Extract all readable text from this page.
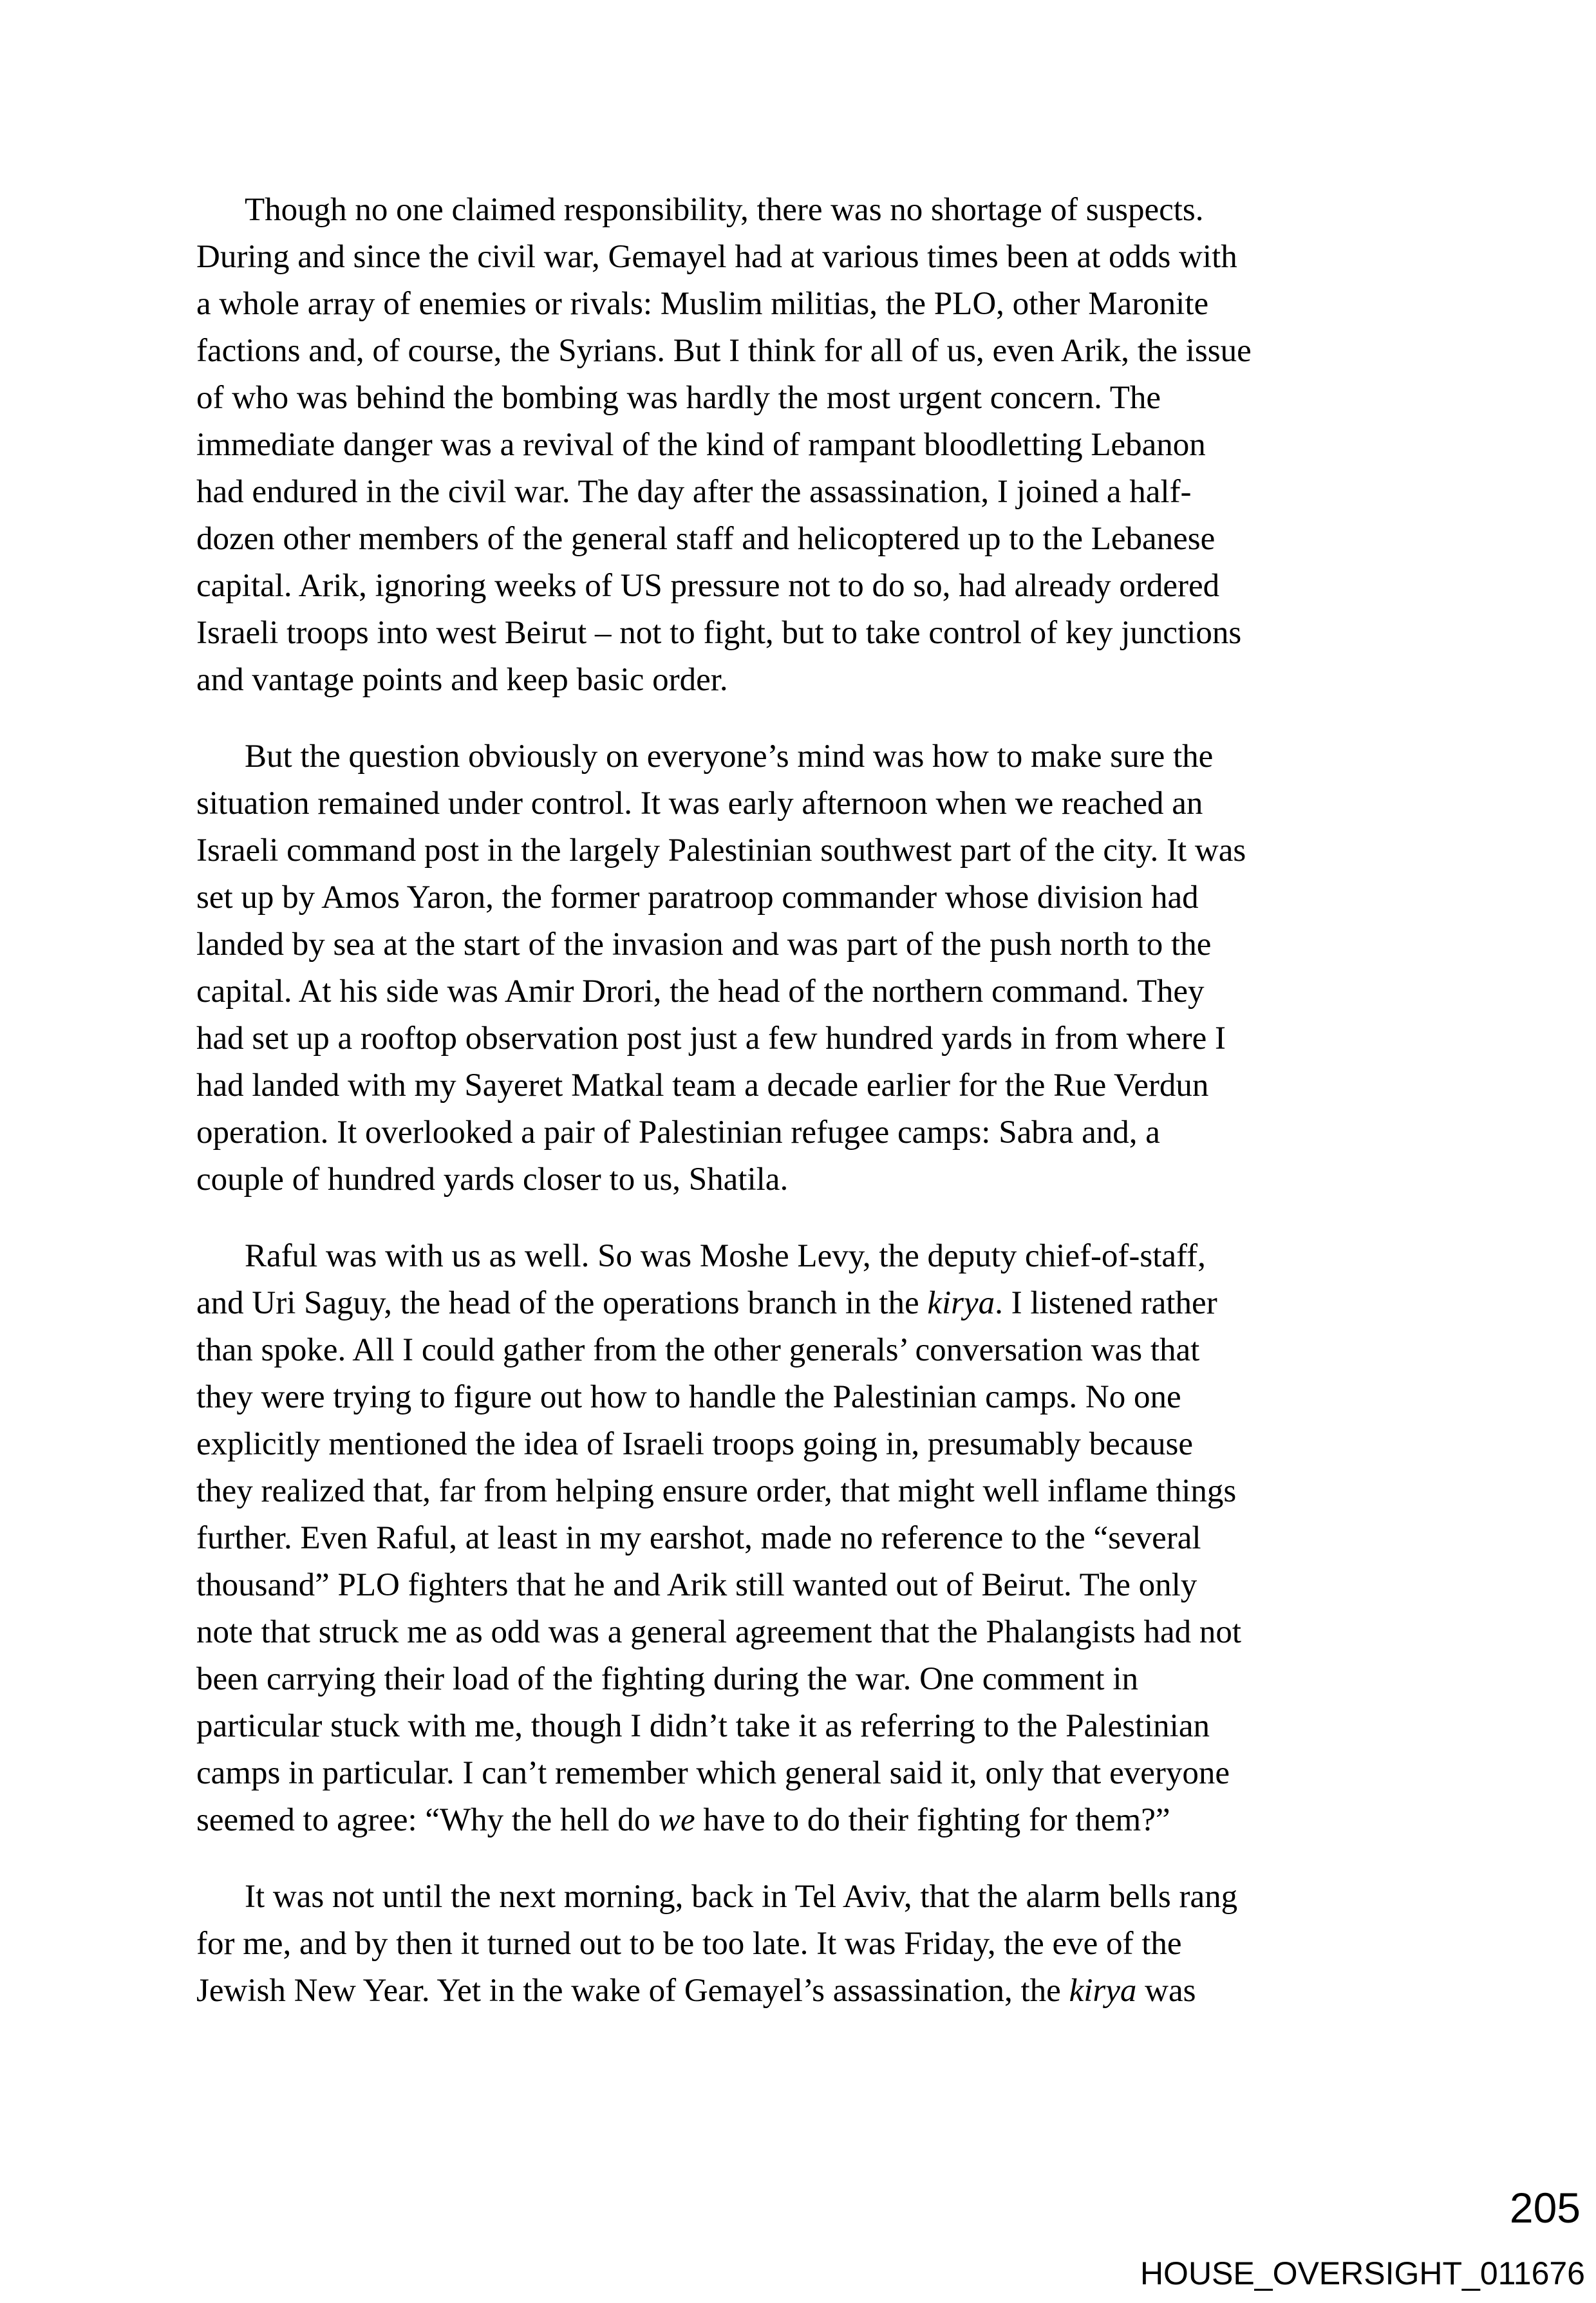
Though no one claimed responsibility, there was no shortage of suspects.
During and since the civil war, Gemayel had at various times been at odds with
a whole array of enemies or rivals: Muslim militias, the PLO, other Maronite
factions and, of course, the Syrians. But I think for all of us, even Arik, the issue
of who was behind the bombing was hardly the most urgent concern. The
immediate danger was a revival of the kind of rampant bloodletting Lebanon
had endured in the civil war. The day after the assassination, I joined a half-
dozen other members of the general staff and helicoptered up to the Lebanese
capital. Arik, ignoring weeks of US pressure not to do so, had already ordered
Israeli troops into west Beirut – not to fight, but to take control of key junctions
and vantage points and keep basic order.
But the question obviously on everyone’s mind was how to make sure the
situation remained under control. It was early afternoon when we reached an
Israeli command post in the largely Palestinian southwest part of the city. It was
set up by Amos Yaron, the former paratroop commander whose division had
landed by sea at the start of the invasion and was part of the push north to the
capital. At his side was Amir Drori, the head of the northern command. They
had set up a rooftop observation post just a few hundred yards in from where I
had landed with my Sayeret Matkal team a decade earlier for the Rue Verdun
operation. It overlooked a pair of Palestinian refugee camps: Sabra and, a
couple of hundred yards closer to us, Shatila.
Raful was with us as well. So was Moshe Levy, the deputy chief-of-staff,
and Uri Saguy, the head of the operations branch in the kirya. I listened rather
than spoke. All I could gather from the other generals’ conversation was that
they were trying to figure out how to handle the Palestinian camps. No one
explicitly mentioned the idea of Israeli troops going in, presumably because
they realized that, far from helping ensure order, that might well inflame things
further. Even Raful, at least in my earshot, made no reference to the “several
thousand” PLO fighters that he and Arik still wanted out of Beirut. The only
note that struck me as odd was a general agreement that the Phalangists had not
been carrying their load of the fighting during the war. One comment in
particular stuck with me, though I didn’t take it as referring to the Palestinian
camps in particular. I can’t remember which general said it, only that everyone
seemed to agree: “Why the hell do we have to do their fighting for them?”
It was not until the next morning, back in Tel Aviv, that the alarm bells rang
for me, and by then it turned out to be too late. It was Friday, the eve of the
Jewish New Year. Yet in the wake of Gemayel’s assassination, the kirya was
205
HOUSE_OVERSIGHT_011676
